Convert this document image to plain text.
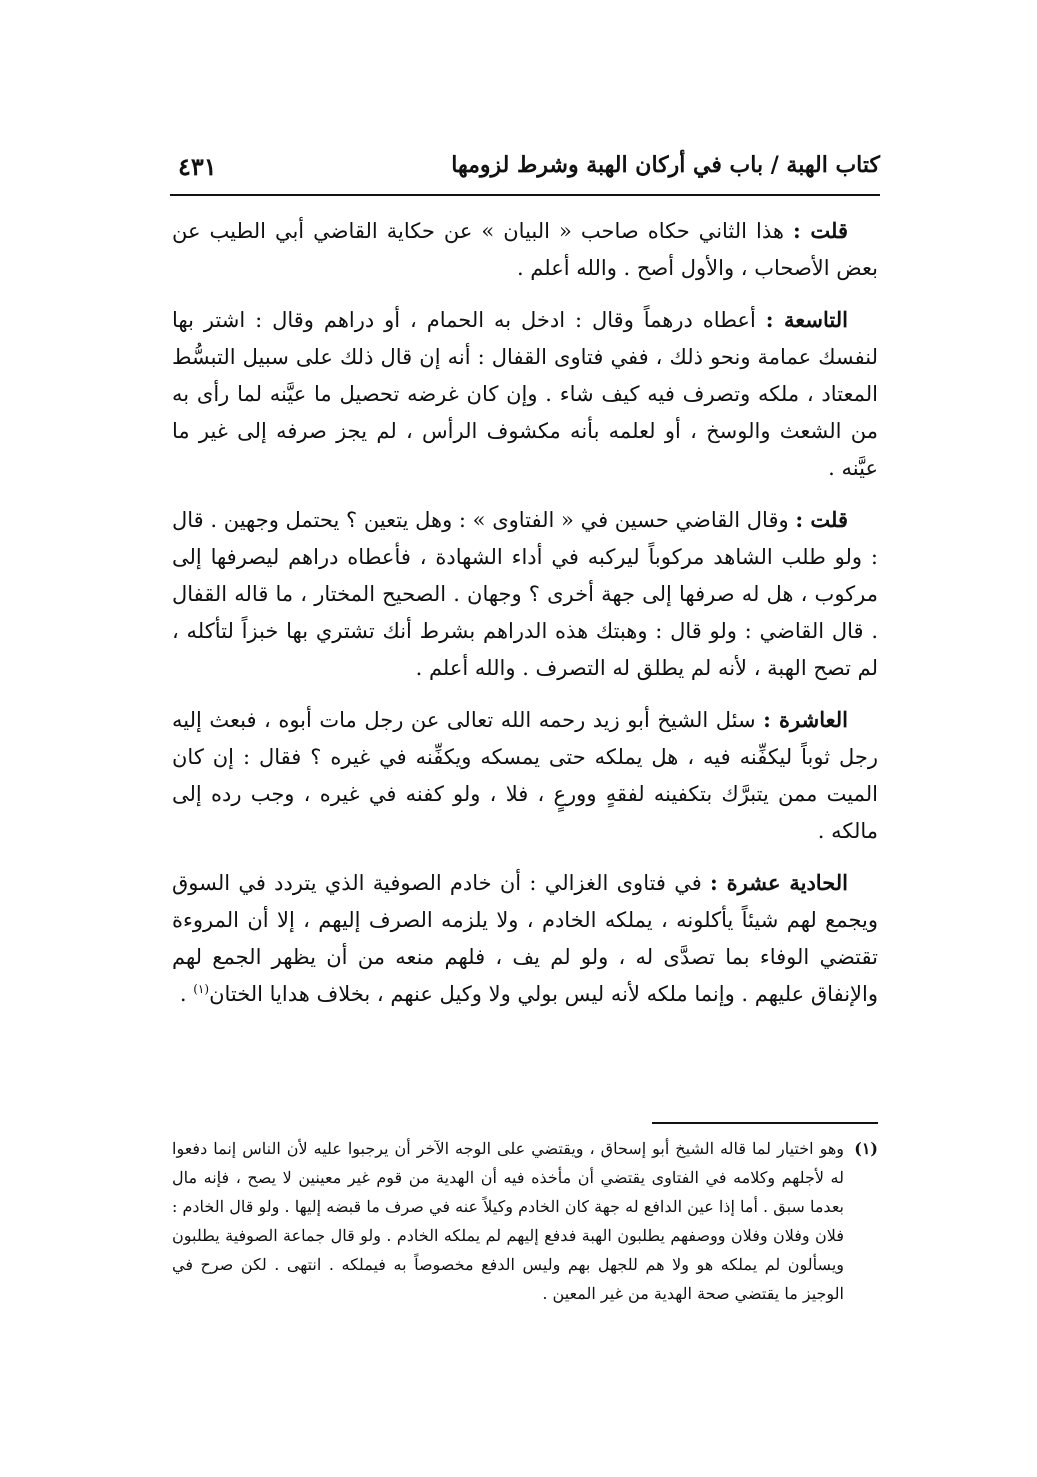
كتاب الهبة / باب في أركان الهبة وشرط لزومها
٤٣١

قلت : هذا الثاني حكاه صاحب « البيان » عن حكاية القاضي أبي الطيب عن بعض الأصحاب ، والأول أصح . والله أعلم .

التاسعة : أعطاه درهماً وقال : ادخل به الحمام ، أو دراهم وقال : اشتر بها لنفسك عمامة ونحو ذلك ، ففي فتاوى القفال : أنه إن قال ذلك على سبيل التبسُّط المعتاد ، ملكه وتصرف فيه كيف شاء . وإن كان غرضه تحصيل ما عيَّنه لما رأى به من الشعث والوسخ ، أو لعلمه بأنه مكشوف الرأس ، لم يجز صرفه إلى غير ما عيَّنه .

قلت : وقال القاضي حسين في « الفتاوى » : وهل يتعين ؟ يحتمل وجهين . قال : ولو طلب الشاهد مركوباً ليركبه في أداء الشهادة ، فأعطاه دراهم ليصرفها إلى مركوب ، هل له صرفها إلى جهة أخرى ؟ وجهان . الصحيح المختار ، ما قاله القفال . قال القاضي : ولو قال : وهبتك هذه الدراهم بشرط أنك تشتري بها خبزاً لتأكله ، لم تصح الهبة ، لأنه لم يطلق له التصرف . والله أعلم .

العاشرة : سئل الشيخ أبو زيد رحمه الله تعالى عن رجل مات أبوه ، فبعث إليه رجل ثوباً ليكفِّنه فيه ، هل يملكه حتى يمسكه ويكفِّنه في غيره ؟ فقال : إن كان الميت ممن يتبرَّك بتكفينه لفقهٍ وورعٍ ، فلا ، ولو كفنه في غيره ، وجب رده إلى مالكه .

الحادية عشرة : في فتاوى الغزالي : أن خادم الصوفية الذي يتردد في السوق ويجمع لهم شيئاً يأكلونه ، يملكه الخادم ، ولا يلزمه الصرف إليهم ، إلا أن المروءة تقتضي الوفاء بما تصدَّى له ، ولو لم يف ، فلهم منعه من أن يظهر الجمع لهم والإنفاق عليهم . وإنما ملكه لأنه ليس بولي ولا وكيل عنهم ، بخلاف هدايا الختان$^{(١)}$ .

(١)
وهو اختيار لما قاله الشيخ أبو إسحاق ، ويقتضي على الوجه الآخر أن يرجبوا عليه لأن الناس إنما دفعوا له لأجلهم وكلامه في الفتاوى يقتضي أن مأخذه فيه أن الهدية من قوم غير معينين لا يصح ، فإنه مال بعدما سبق . أما إذا عين الدافع له جهة كان الخادم وكيلاً عنه في صرف ما قبضه إليها . ولو قال الخادم : فلان وفلان وفلان ووصفهم يطلبون الهبة فدفع إليهم لم يملكه الخادم . ولو قال جماعة الصوفية يطلبون ويسألون لم يملكه هو ولا هم للجهل بهم وليس الدفع مخصوصاً به فيملكه . انتهى . لكن صرح في الوجيز ما يقتضي صحة الهدية من غير المعين .
